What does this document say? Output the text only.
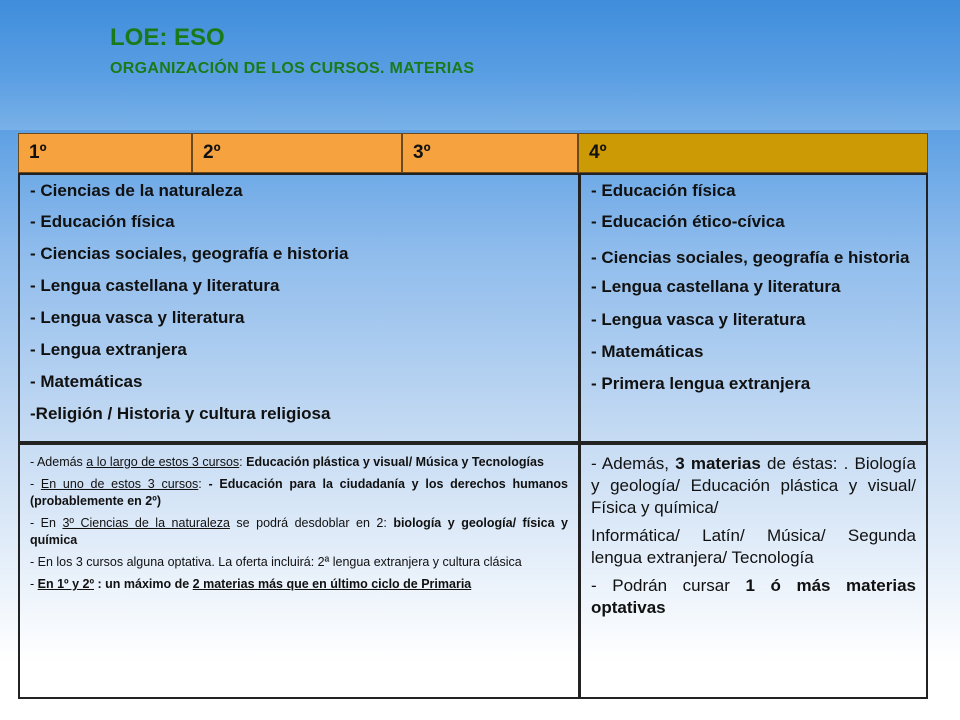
LOE: ESO
ORGANIZACIÓN DE LOS CURSOS. MATERIAS
1º	2º	3º	4º
- Ciencias de la naturaleza
- Educación física
- Ciencias sociales, geografía e historia
- Lengua castellana y literatura
- Lengua vasca y literatura
- Lengua extranjera
- Matemáticas
-Religión / Historia y cultura religiosa
- Educación física
- Educación ético-cívica
- Ciencias sociales, geografía e historia
- Lengua castellana y literatura
- Lengua vasca y literatura
- Matemáticas
- Primera lengua extranjera

- Además a lo largo de estos 3 cursos: Educación plástica y visual/ Música y Tecnologías

- En uno de estos 3 cursos: - Educación para la ciudadanía y los derechos humanos (probablemente en 2º)

- En 3º Ciencias de la naturaleza se podrá desdoblar en 2: biología y geología/ física y química

- En los 3 cursos alguna optativa. La oferta incluirá: 2ª lengua extranjera y cultura clásica

- En 1º y 2º : un máximo de 2 materias más que en último ciclo de Primaria

- Además, 3 materias de éstas: . Biología y geología/ Educación plástica y visual/ Física y química/

Informática/ Latín/ Música/ Segunda lengua extranjera/ Tecnología

- Podrán cursar 1 ó más materias optativas
